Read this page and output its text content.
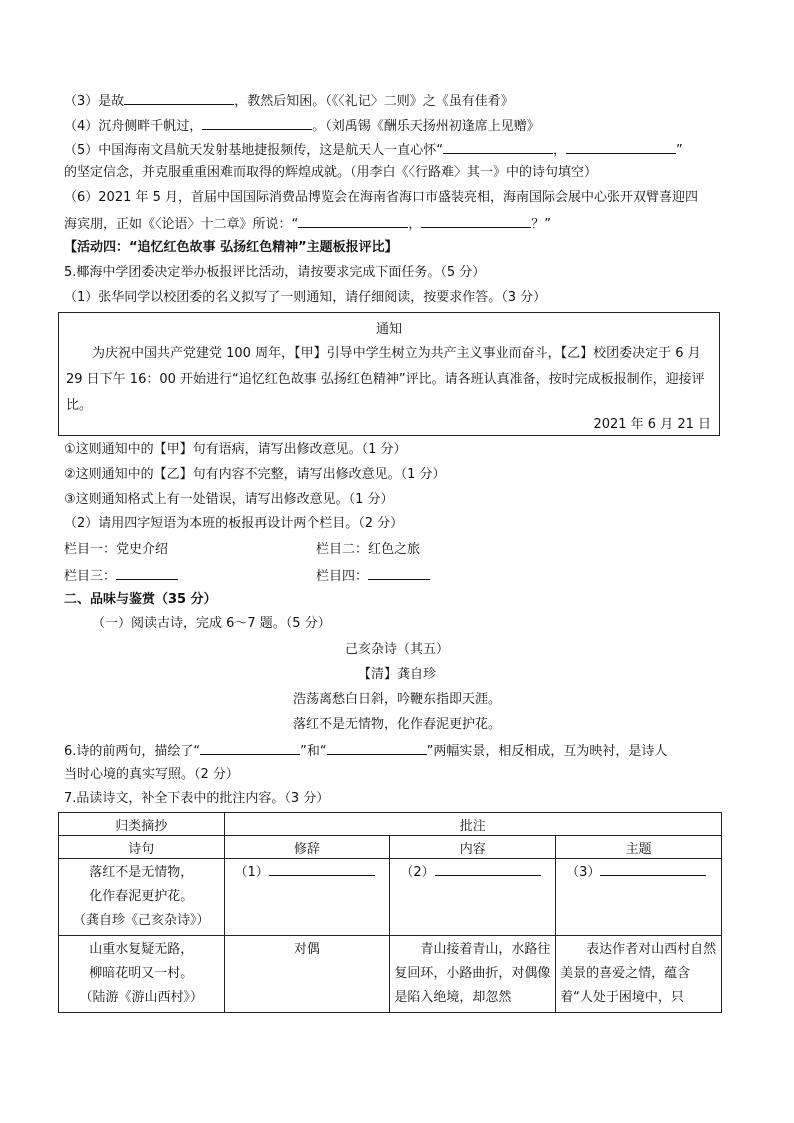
（3）是故	，教然后知困。（《〈礼记〉二则》之《虽有佳肴》
（4）沉舟侧畔千帆过，	。（刘禹锡《酬乐天扬州初逢席上见赠》
（5）中国海南文昌航天发射基地捷报频传，这是航天人一直心怀“	，	”
的坚定信念，并克服重重困难而取得的辉煌成就。（用李白《〈行路难〉其一》中的诗句填空）
（6）2021 年 5 月，首届中国国际消费品博览会在海南省海口市盛装亮相，海南国际会展中心张开双臂喜迎四
海宾朋，正如《〈论语〉十二章》所说：“	，	？”
【活动四：“追忆红色故事 弘扬红色精神”主题板报评比】
5.椰海中学团委决定举办板报评比活动，请按要求完成下面任务。（5 分）
（1）张华同学以校团委的名义拟写了一则通知，请仔细阅读，按要求作答。（3 分）
通知
为庆祝中国共产党建党 100 周年，【甲】引导中学生树立为共产主义事业而奋斗，【乙】校团委决定于 6 月 29 日下午 16：00 开始进行“追忆红色故事 弘扬红色精神”评比。请各班认真准备，按时完成板报制作，迎接评比。
2021 年 6 月 21 日
①这则通知中的【甲】句有语病，请写出修改意见。（1 分）
②这则通知中的【乙】句有内容不完整，请写出修改意见。（1 分）
③这则通知格式上有一处错误，请写出修改意见。（1 分）
（2）请用四字短语为本班的板报再设计两个栏目。（2 分）
栏目一：党史介绍	栏目二：红色之旅
栏目三：	栏目四：
二、品味与鉴赏（35 分）
（一）阅读古诗，完成 6～7 题。（5 分）
己亥杂诗（其五）
【清】龚自珍
浩荡离愁白日斜，吟鞭东指即天涯。
落红不是无情物，化作春泥更护花。
6.诗的前两句，描绘了“	”和“	”两幅实景，相反相成，互为映衬，是诗人
当时心境的真实写照。（2 分）
7.品读诗文，补全下表中的批注内容。（3 分）
归类摘抄	批注		
诗句	修辞	内容	主题

落红不是无情物，
化作春泥更护花。
（龚自珍《己亥杂诗》）	（1）	（2）	（3）

山重水复疑无路，
柳暗花明又一村。
（陆游《游山西村》）	对偶	青山接着青山，水路往复回环，小路曲折，对偶像是陷入绝境，却忽然	表达作者对山西村自然美景的喜爱之情，蕴含着“人处于困境中，只
